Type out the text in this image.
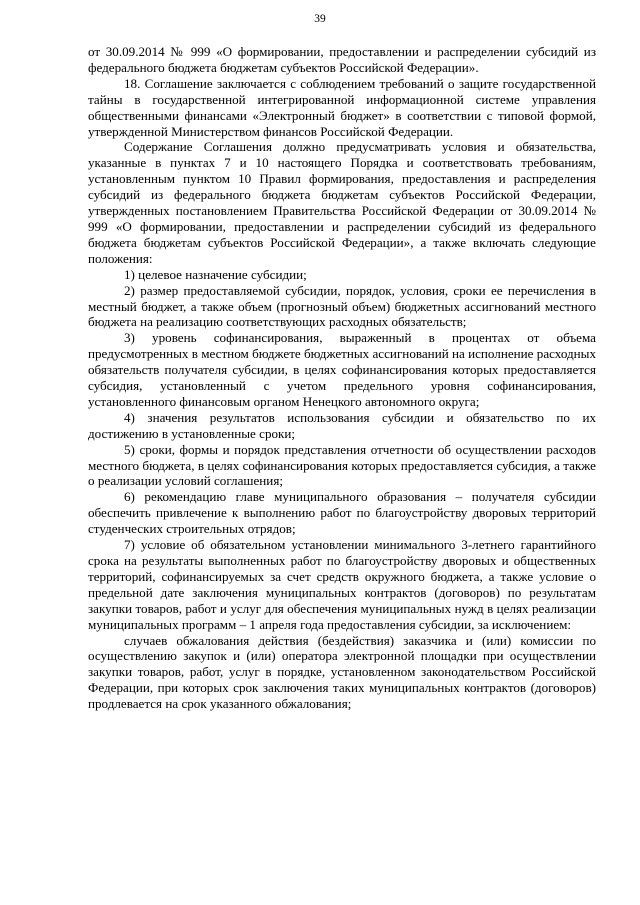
39

от 30.09.2014 № 999 «О формировании, предоставлении и распределении субсидий из федерального бюджета бюджетам субъектов Российской Федерации».

18. Соглашение заключается с соблюдением требований о защите государственной тайны в государственной интегрированной информационной системе управления общественными финансами «Электронный бюджет» в соответствии с типовой формой, утвержденной Министерством финансов Российской Федерации.

Содержание Соглашения должно предусматривать условия и обязательства, указанные в пунктах 7 и 10 настоящего Порядка и соответствовать требованиям, установленным пунктом 10 Правил формирования, предоставления и распределения субсидий из федерального бюджета бюджетам субъектов Российской Федерации, утвержденных постановлением Правительства Российской Федерации от 30.09.2014 № 999 «О формировании, предоставлении и распределении субсидий из федерального бюджета бюджетам субъектов Российской Федерации», а также включать следующие положения:

1) целевое назначение субсидии;

2) размер предоставляемой субсидии, порядок, условия, сроки ее перечисления в местный бюджет, а также объем (прогнозный объем) бюджетных ассигнований местного бюджета на реализацию соответствующих расходных обязательств;

3) уровень софинансирования, выраженный в процентах от объема предусмотренных в местном бюджете бюджетных ассигнований на исполнение расходных обязательств получателя субсидии, в целях софинансирования которых предоставляется субсидия, установленный с учетом предельного уровня софинансирования, установленного финансовым органом Ненецкого автономного округа;

4) значения результатов использования субсидии и обязательство по их достижению в установленные сроки;

5) сроки, формы и порядок представления отчетности об осуществлении расходов местного бюджета, в целях софинансирования которых предоставляется субсидия, а также о реализации условий соглашения;

6) рекомендацию главе муниципального образования – получателя субсидии обеспечить привлечение к выполнению работ по благоустройству дворовых территорий студенческих строительных отрядов;

7) условие об обязательном установлении минимального 3-летнего гарантийного срока на результаты выполненных работ по благоустройству дворовых и общественных территорий, софинансируемых за счет средств окружного бюджета, а также условие о предельной дате заключения муниципальных контрактов (договоров) по результатам закупки товаров, работ и услуг для обеспечения муниципальных нужд в целях реализации муниципальных программ – 1 апреля года предоставления субсидии, за исключением:

случаев обжалования действия (бездействия) заказчика и (или) комиссии по осуществлению закупок и (или) оператора электронной площадки при осуществлении закупки товаров, работ, услуг в порядке, установленном законодательством Российской Федерации, при которых срок заключения таких муниципальных контрактов (договоров) продлевается на срок указанного обжалования;
